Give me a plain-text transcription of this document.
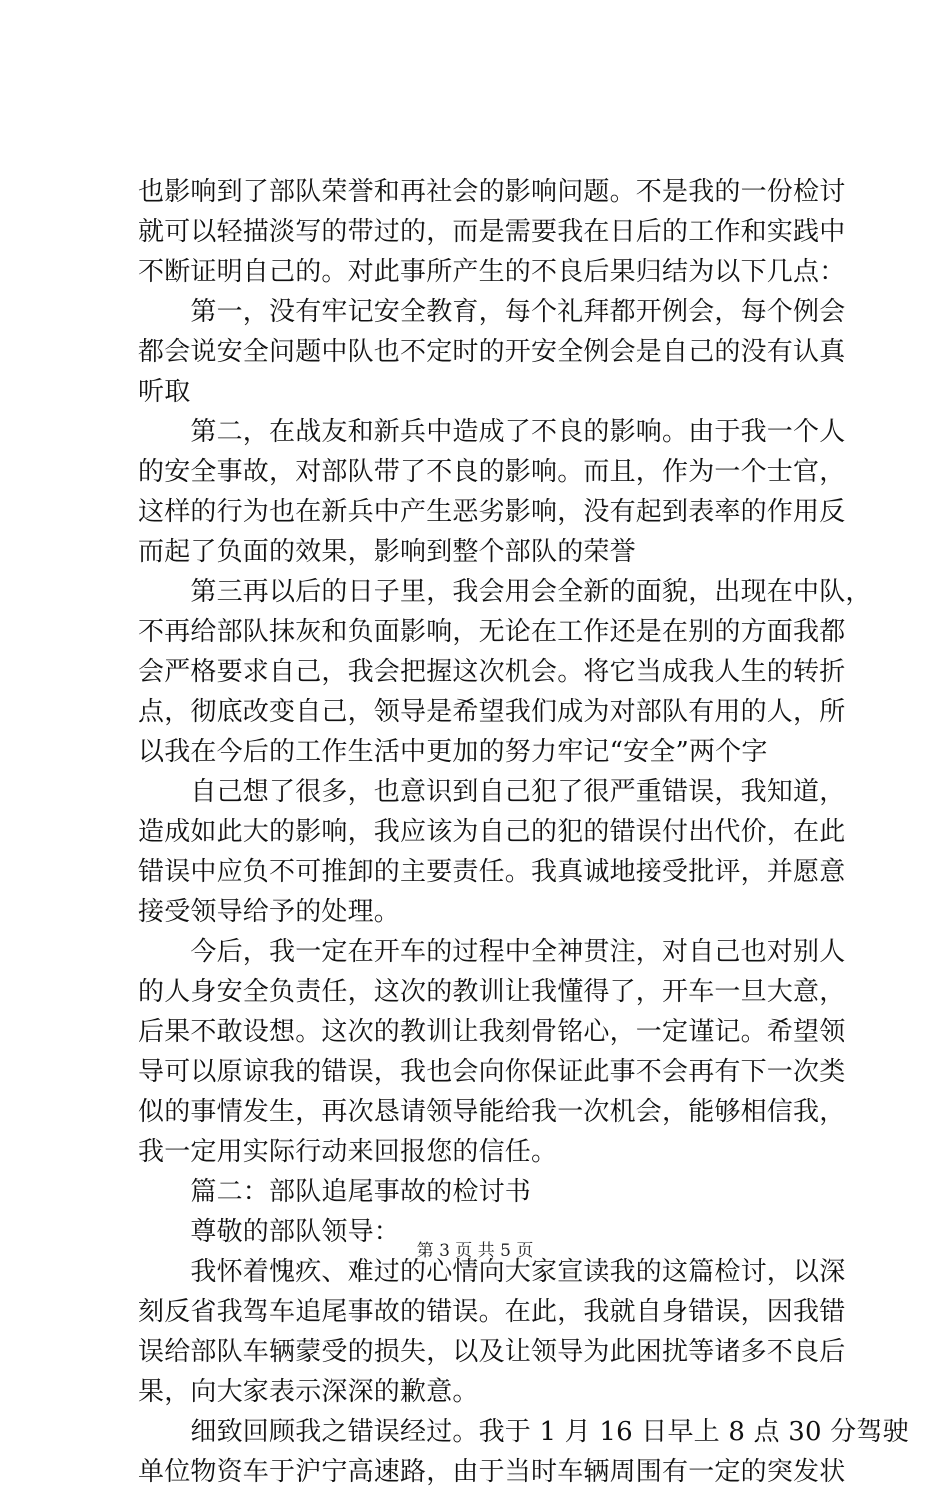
也影响到了部队荣誉和再社会的影响问题。不是我的一份检讨
就可以轻描淡写的带过的，而是需要我在日后的工作和实践中
不断证明自己的。对此事所产生的不良后果归结为以下几点：
　　第一，没有牢记安全教育，每个礼拜都开例会，每个例会
都会说安全问题中队也不定时的开安全例会是自己的没有认真
听取
　　第二，在战友和新兵中造成了不良的影响。由于我一个人
的安全事故，对部队带了不良的影响。而且，作为一个士官，
这样的行为也在新兵中产生恶劣影响，没有起到表率的作用反
而起了负面的效果，影响到整个部队的荣誉
　　第三再以后的日子里，我会用会全新的面貌，出现在中队，
不再给部队抹灰和负面影响，无论在工作还是在别的方面我都
会严格要求自己，我会把握这次机会。将它当成我人生的转折
点，彻底改变自己，领导是希望我们成为对部队有用的人，所
以我在今后的工作生活中更加的努力牢记“安全”两个字
　　自己想了很多，也意识到自己犯了很严重错误，我知道，
造成如此大的影响，我应该为自己的犯的错误付出代价，在此
错误中应负不可推卸的主要责任。我真诚地接受批评，并愿意
接受领导给予的处理。
　　今后，我一定在开车的过程中全神贯注，对自己也对别人
的人身安全负责任，这次的教训让我懂得了，开车一旦大意，
后果不敢设想。这次的教训让我刻骨铭心，一定谨记。希望领
导可以原谅我的错误，我也会向你保证此事不会再有下一次类
似的事情发生，再次恳请领导能给我一次机会，能够相信我，
我一定用实际行动来回报您的信任。
　　篇二：部队追尾事故的检讨书
　　尊敬的部队领导：
　　我怀着愧疚、难过的心情向大家宣读我的这篇检讨，以深
刻反省我驾车追尾事故的错误。在此，我就自身错误，因我错
误给部队车辆蒙受的损失，以及让领导为此困扰等诸多不良后
果，向大家表示深深的歉意。
　　细致回顾我之错误经过。我于 1 月 16 日早上 8 点 30 分驾驶
单位物资车于沪宁高速路，由于当时车辆周围有一定的突发状
第 3 页 共 5 页
